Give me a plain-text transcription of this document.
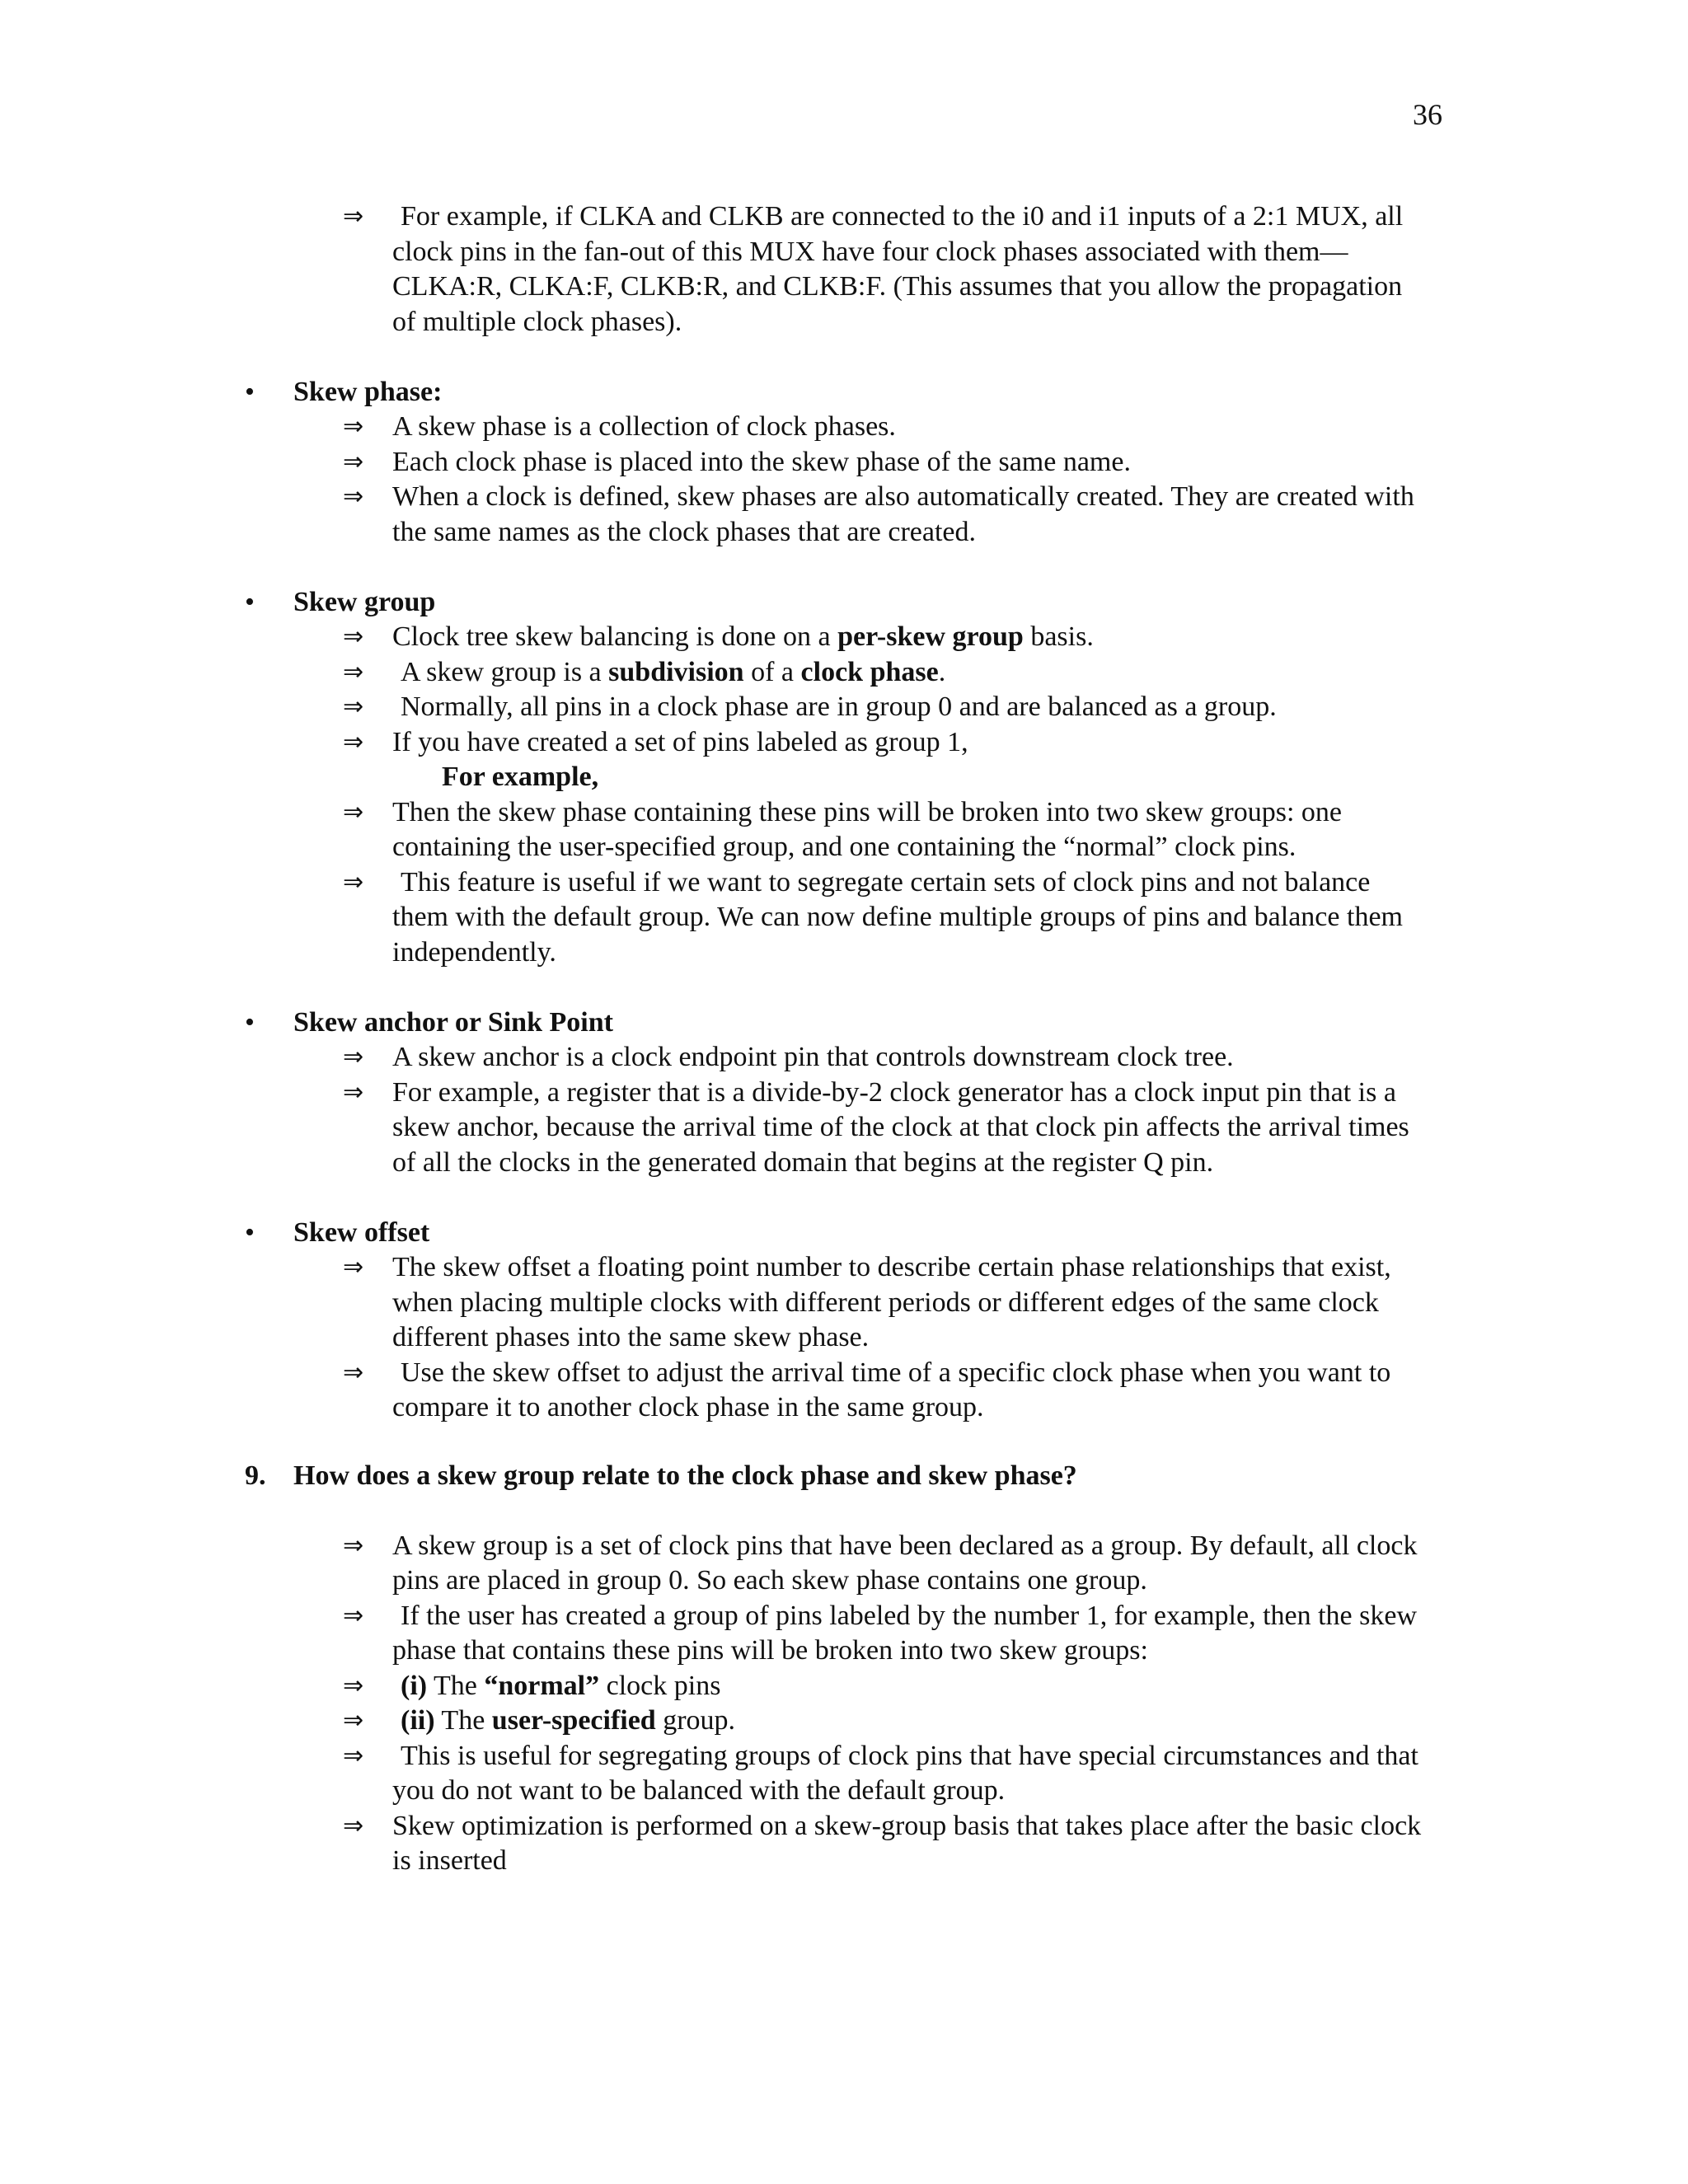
36
⇒ For example, if CLKA and CLKB are connected to the i0 and i1 inputs of a 2:1 MUX, all clock pins in the fan-out of this MUX have four clock phases associated with them—CLKA:R, CLKA:F, CLKB:R, and CLKB:F. (This assumes that you allow the propagation of multiple clock phases).
• Skew phase:
⇒ A skew phase is a collection of clock phases.
⇒ Each clock phase is placed into the skew phase of the same name.
⇒ When a clock is defined, skew phases are also automatically created. They are created with the same names as the clock phases that are created.
• Skew group
⇒ Clock tree skew balancing is done on a per-skew group basis.
⇒ A skew group is a subdivision of a clock phase.
⇒ Normally, all pins in a clock phase are in group 0 and are balanced as a group.
⇒ If you have created a set of pins labeled as group 1,
For example,
⇒ Then the skew phase containing these pins will be broken into two skew groups: one containing the user-specified group, and one containing the “normal” clock pins.
⇒ This feature is useful if we want to segregate certain sets of clock pins and not balance them with the default group. We can now define multiple groups of pins and balance them independently.
• Skew anchor or Sink Point
⇒ A skew anchor is a clock endpoint pin that controls downstream clock tree.
⇒ For example, a register that is a divide-by-2 clock generator has a clock input pin that is a skew anchor, because the arrival time of the clock at that clock pin affects the arrival times of all the clocks in the generated domain that begins at the register Q pin.
• Skew offset
⇒ The skew offset a floating point number to describe certain phase relationships that exist, when placing multiple clocks with different periods or different edges of the same clock different phases into the same skew phase.
⇒ Use the skew offset to adjust the arrival time of a specific clock phase when you want to compare it to another clock phase in the same group.
9. How does a skew group relate to the clock phase and skew phase?
⇒ A skew group is a set of clock pins that have been declared as a group. By default, all clock pins are placed in group 0. So each skew phase contains one group.
⇒ If the user has created a group of pins labeled by the number 1, for example, then the skew phase that contains these pins will be broken into two skew groups:
⇒ (i) The “normal” clock pins
⇒ (ii) The user-specified group.
⇒ This is useful for segregating groups of clock pins that have special circumstances and that you do not want to be balanced with the default group.
⇒ Skew optimization is performed on a skew-group basis that takes place after the basic clock is inserted
